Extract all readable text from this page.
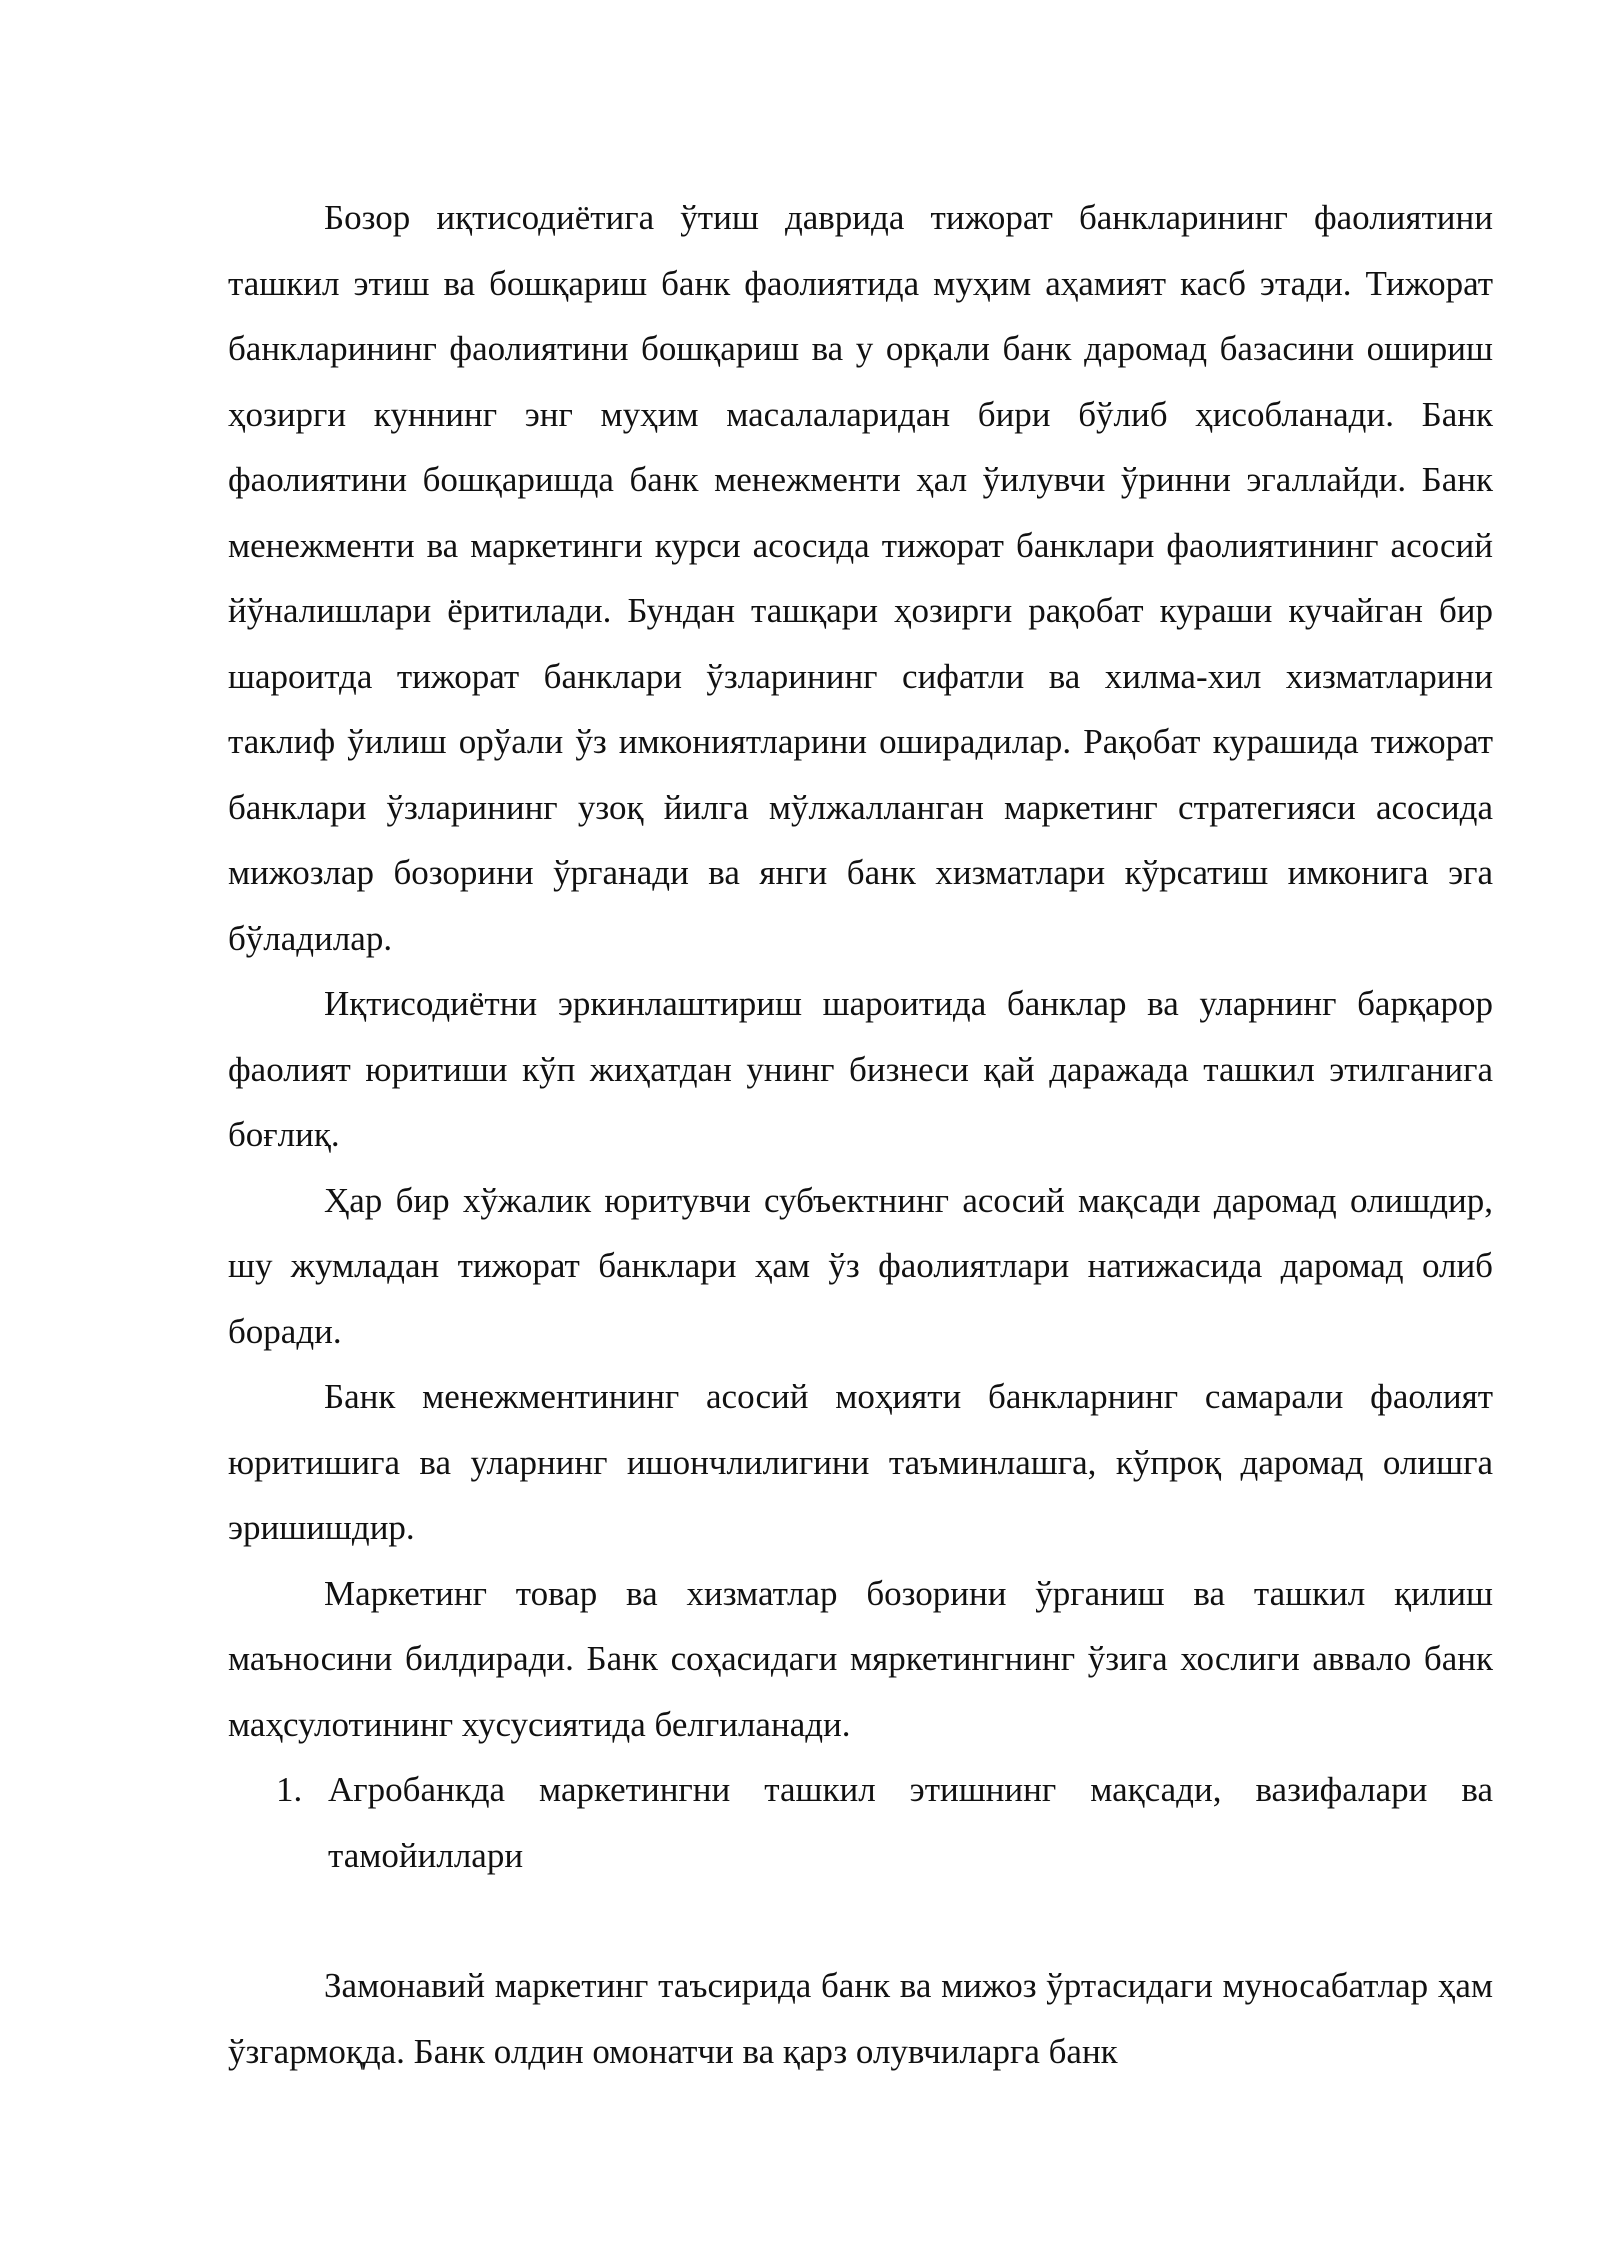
Бозор иқтисодиётига ўтиш даврида тижорат банкларининг фаолиятини ташкил этиш ва бошқариш банк фаолиятида муҳим аҳамият касб этади. Тижорат банкларининг фаолиятини бошқариш ва у орқали банк даромад базасини ошириш ҳозирги куннинг энг муҳим масалаларидан бири бўлиб ҳисобланади. Банк фаолиятини бошқаришда банк менежменти ҳал ўилувчи ўринни эгаллайди. Банк менежменти ва маркетинги курси асосида тижорат банклари фаолиятининг асосий йўналишлари ёритилади. Бундан ташқари ҳозирги рақобат кураши кучайган бир шароитда тижорат банклари ўзларининг сифатли ва хилма-хил хизматларини таклиф ўилиш орўали ўз имкониятларини оширадилар. Рақобат курашида тижорат банклари ўзларининг узоқ йилга мўлжалланган маркетинг стратегияси асосида мижозлар бозорини ўрганади ва янги банк хизматлари кўрсатиш имконига эга бўладилар.

Иқтисодиётни эркинлаштириш шароитида банклар ва уларнинг барқарор фаолият юритиши кўп жиҳатдан унинг бизнеси қай даражада ташкил этилганига боғлиқ.

Ҳар бир хўжалик юритувчи субъектнинг асосий мақсади даромад олишдир, шу жумладан тижорат банклари ҳам ўз фаолиятлари натижасида даромад олиб боради.

Банк менежментининг асосий моҳияти банкларнинг самарали фаолият юритишига ва уларнинг ишончлилигини таъминлашга, кўпроқ даромад олишга эришишдир.

Маркетинг товар ва хизматлар бозорини ўрганиш ва ташкил қилиш маъносини билдиради. Банк соҳасидаги мяркетингнинг ўзига хослиги аввало банк маҳсулотининг хусусиятида белгиланади.

1. Агробанкда маркетингни ташкил этишнинг мақсади, вазифалари ва тамойиллари

Замонавий маркетинг таъсирида банк ва мижоз ўртасидаги муносабатлар ҳам ўзгармоқда. Банк олдин омонатчи ва қарз олувчиларга банк
